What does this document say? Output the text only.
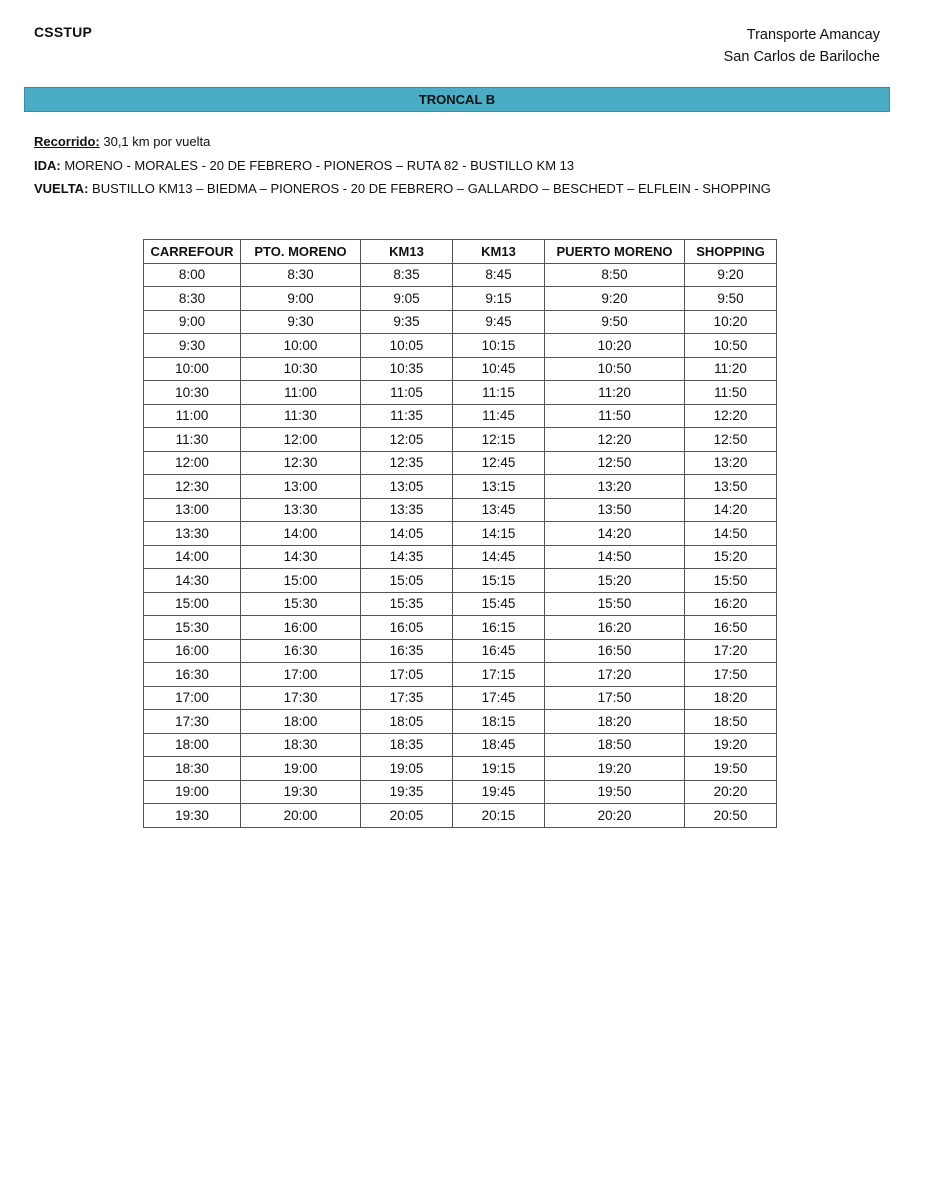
CSSTUP	Transporte Amancay
San Carlos de Bariloche
TRONCAL B
Recorrido: 30,1 km por vuelta
IDA: MORENO - MORALES - 20 DE FEBRERO - PIONEROS – RUTA 82 - BUSTILLO KM 13
VUELTA: BUSTILLO KM13 – BIEDMA – PIONEROS - 20 DE FEBRERO – GALLARDO – BESCHEDT – ELFLEIN - SHOPPING
CARREFOUR	PTO. MORENO	KM13	KM13	PUERTO MORENO	SHOPPING
8:00	8:30	8:35	8:45	8:50	9:20
8:30	9:00	9:05	9:15	9:20	9:50
9:00	9:30	9:35	9:45	9:50	10:20
9:30	10:00	10:05	10:15	10:20	10:50
10:00	10:30	10:35	10:45	10:50	11:20
10:30	11:00	11:05	11:15	11:20	11:50
11:00	11:30	11:35	11:45	11:50	12:20
11:30	12:00	12:05	12:15	12:20	12:50
12:00	12:30	12:35	12:45	12:50	13:20
12:30	13:00	13:05	13:15	13:20	13:50
13:00	13:30	13:35	13:45	13:50	14:20
13:30	14:00	14:05	14:15	14:20	14:50
14:00	14:30	14:35	14:45	14:50	15:20
14:30	15:00	15:05	15:15	15:20	15:50
15:00	15:30	15:35	15:45	15:50	16:20
15:30	16:00	16:05	16:15	16:20	16:50
16:00	16:30	16:35	16:45	16:50	17:20
16:30	17:00	17:05	17:15	17:20	17:50
17:00	17:30	17:35	17:45	17:50	18:20
17:30	18:00	18:05	18:15	18:20	18:50
18:00	18:30	18:35	18:45	18:50	19:20
18:30	19:00	19:05	19:15	19:20	19:50
19:00	19:30	19:35	19:45	19:50	20:20
19:30	20:00	20:05	20:15	20:20	20:50
